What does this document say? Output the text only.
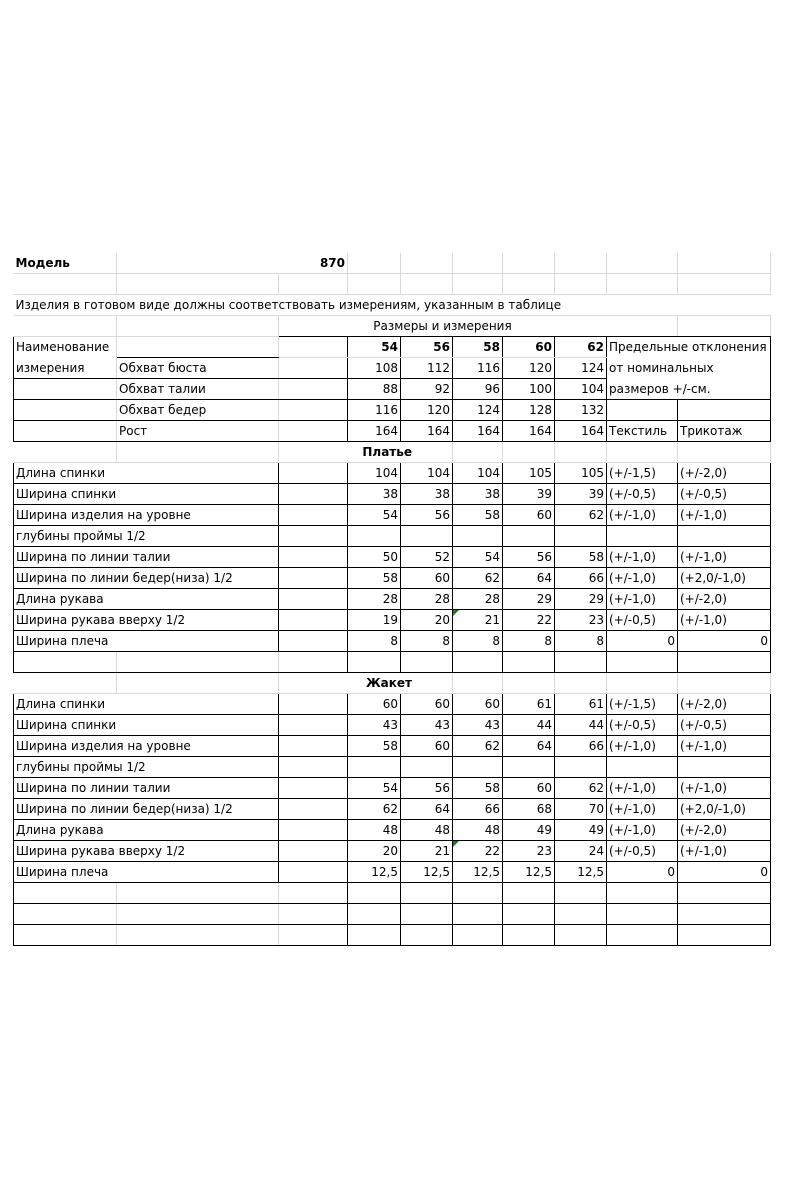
Модель	870								

Изделия в готовом виде должны соответствовать измерениям, указанным в таблице									
		Размеры и измерения							
Наименование			54	56	58	60	62	Предельные отклонения	
измерения	Обхват бюста		108	112	116	120	124	от номинальных	
	Обхват талии		88	92	96	100	104	размеров +/-см.	
	Обхват бедер		116	120	124	128	132		
	Рост		164	164	164	164	164	Текстиль	Трикотаж
		Платье							
Длина спинки			104	104	104	105	105	(+/-1,5)	(+/-2,0)
Ширина спинки			38	38	38	39	39	(+/-0,5)	(+/-0,5)
Ширина изделия на уровне			54	56	58	60	62	(+/-1,0)	(+/-1,0)
глубины проймы 1/2									
Ширина по линии талии			50	52	54	56	58	(+/-1,0)	(+/-1,0)
Ширина по линии бедер(низа) 1/2			58	60	62	64	66	(+/-1,0)	(+2,0/-1,0)
Длина рукава			28	28	28	29	29	(+/-1,0)	(+/-2,0)
Ширина рукава вверху 1/2			19	20	21	22	23	(+/-0,5)	(+/-1,0)
Ширина плеча			8	8	8	8	8	0	0

		Жакет							
Длина спинки			60	60	60	61	61	(+/-1,5)	(+/-2,0)
Ширина спинки			43	43	43	44	44	(+/-0,5)	(+/-0,5)
Ширина изделия на уровне			58	60	62	64	66	(+/-1,0)	(+/-1,0)
глубины проймы 1/2									
Ширина по линии талии			54	56	58	60	62	(+/-1,0)	(+/-1,0)
Ширина по линии бедер(низа) 1/2			62	64	66	68	70	(+/-1,0)	(+2,0/-1,0)
Длина рукава			48	48	48	49	49	(+/-1,0)	(+/-2,0)
Ширина рукава вверху 1/2			20	21	22	23	24	(+/-0,5)	(+/-1,0)
Ширина плеча			12,5	12,5	12,5	12,5	12,5	0	0
